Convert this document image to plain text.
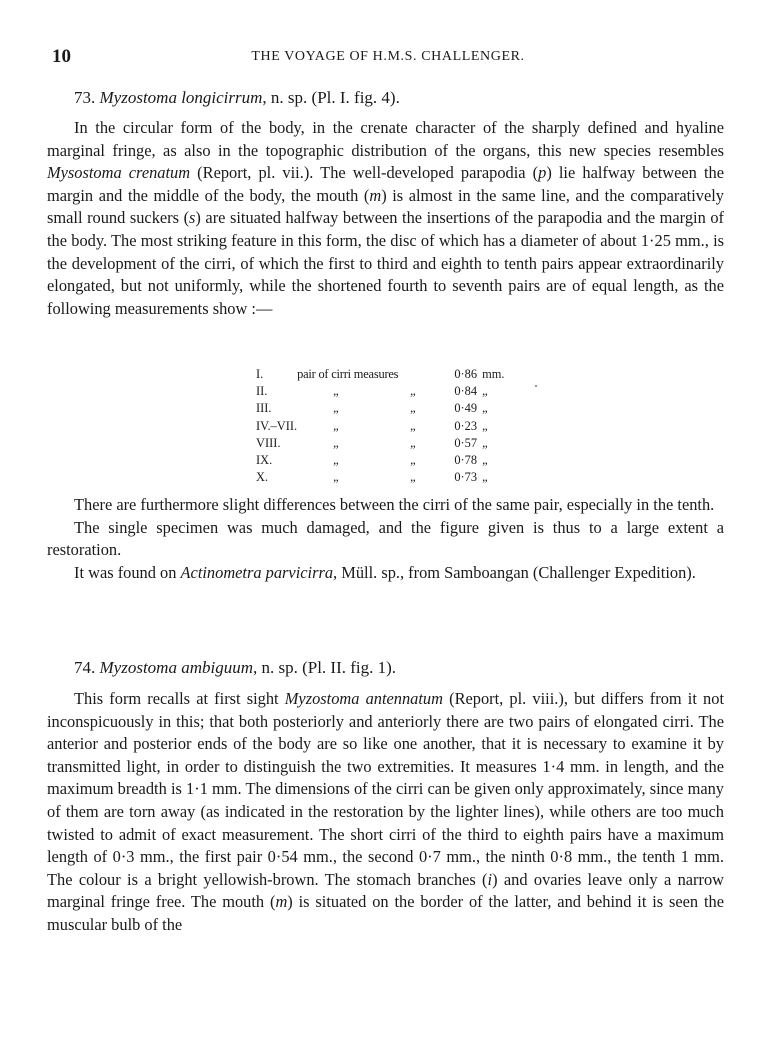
10	THE VOYAGE OF H.M.S. CHALLENGER.

73. Myzostoma longicirrum, n. sp. (Pl. I. fig. 4).

In the circular form of the body, in the crenate character of the sharply defined and hyaline marginal fringe, as also in the topographic distribution of the organs, this new species resembles Mysostoma crenatum (Report, pl. vii.). The well-developed parapodia (p) lie halfway between the margin and the middle of the body, the mouth (m) is almost in the same line, and the comparatively small round suckers (s) are situated halfway between the insertions of the parapodia and the margin of the body. The most striking feature in this form, the disc of which has a diameter of about 1·25 mm., is the development of the cirri, of which the first to third and eighth to tenth pairs appear extraordinarily elongated, but not uniformly, while the shortened fourth to seventh pairs are of equal length, as the following measurements show :—

I.	pair of cirri measures		0·86	mm.
II.	„	„	0·84	„
III.	„	„	0·49	„
IV.–VII.	„	„	0·23	„
VIII.	„	„	0·57	„
IX.	„	„	0·78	„
X.	„	„	0·73	„

There are furthermore slight differences between the cirri of the same pair, especially in the tenth.

The single specimen was much damaged, and the figure given is thus to a large extent a restoration.

It was found on Actinometra parvicirra, Müll. sp., from Samboangan (Challenger Expedition).

74. Myzostoma ambiguum, n. sp. (Pl. II. fig. 1).

This form recalls at first sight Myzostoma antennatum (Report, pl. viii.), but differs from it not inconspicuously in this; that both posteriorly and anteriorly there are two pairs of elongated cirri. The anterior and posterior ends of the body are so like one another, that it is necessary to examine it by transmitted light, in order to distinguish the two extremities. It measures 1·4 mm. in length, and the maximum breadth is 1·1 mm. The dimensions of the cirri can be given only approximately, since many of them are torn away (as indicated in the restoration by the lighter lines), while others are too much twisted to admit of exact measurement. The short cirri of the third to eighth pairs have a maximum length of 0·3 mm., the first pair 0·54 mm., the second 0·7 mm., the ninth 0·8 mm., the tenth 1 mm. The colour is a bright yellowish-brown. The stomach branches (i) and ovaries leave only a narrow marginal fringe free. The mouth (m) is situated on the border of the latter, and behind it is seen the muscular bulb of the
